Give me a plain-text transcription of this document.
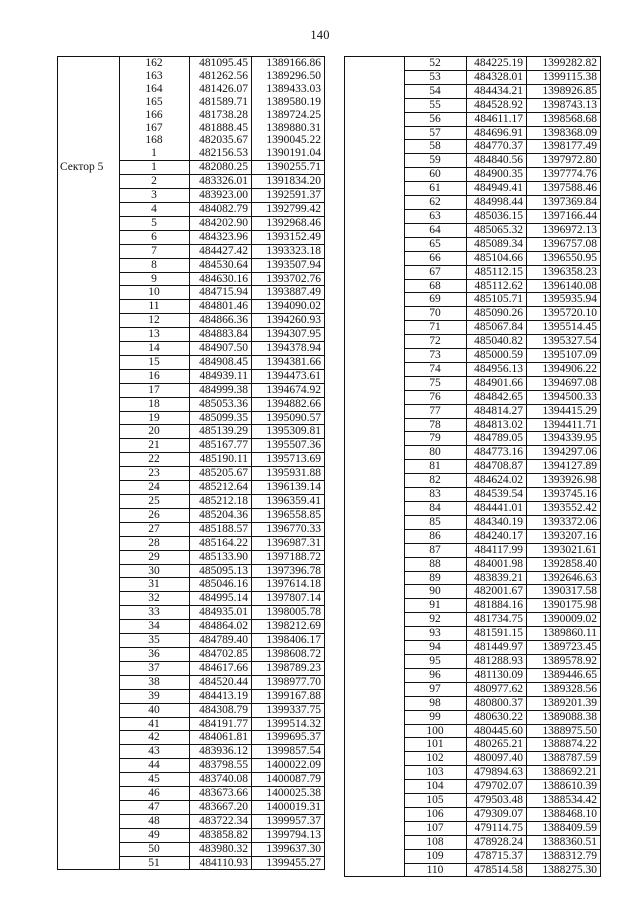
140
	162	481095.45	1389166.86
	163	481262.56	1389296.50
	164	481426.07	1389433.03
	165	481589.71	1389580.19
	166	481738.28	1389724.25
	167	481888.45	1389880.31
	168	482035.67	1390045.22
	1	482156.53	1390191.04
Сектор 5	1	482080.25	1390255.71
	2	483326.01	1391834.20
	3	483923.00	1392591.37
	4	484082.79	1392799.42
	5	484202.90	1392968.46
	6	484323.96	1393152.49
	7	484427.42	1393323.18
	8	484530.64	1393507.94
	9	484630.16	1393702.76
	10	484715.94	1393887.49
	11	484801.46	1394090.02
	12	484866.36	1394260.93
	13	484883.84	1394307.95
	14	484907.50	1394378.94
	15	484908.45	1394381.66
	16	484939.11	1394473.61
	17	484999.38	1394674.92
	18	485053.36	1394882.66
	19	485099.35	1395090.57
	20	485139.29	1395309.81
	21	485167.77	1395507.36
	22	485190.11	1395713.69
	23	485205.67	1395931.88
	24	485212.64	1396139.14
	25	485212.18	1396359.41
	26	485204.36	1396558.85
	27	485188.57	1396770.33
	28	485164.22	1396987.31
	29	485133.90	1397188.72
	30	485095.13	1397396.78
	31	485046.16	1397614.18
	32	484995.14	1397807.14
	33	484935.01	1398005.78
	34	484864.02	1398212.69
	35	484789.40	1398406.17
	36	484702.85	1398608.72
	37	484617.66	1398789.23
	38	484520.44	1398977.70
	39	484413.19	1399167.88
	40	484308.79	1399337.75
	41	484191.77	1399514.32
	42	484061.81	1399695.37
	43	483936.12	1399857.54
	44	483798.55	1400022.09
	45	483740.08	1400087.79
	46	483673.66	1400025.38
	47	483667.20	1400019.31
	48	483722.34	1399957.37
	49	483858.82	1399794.13
	50	483980.32	1399637.30
	51	484110.93	1399455.27
	52	484225.19	1399282.82
	53	484328.01	1399115.38
	54	484434.21	1398926.85
	55	484528.92	1398743.13
	56	484611.17	1398568.68
	57	484696.91	1398368.09
	58	484770.37	1398177.49
	59	484840.56	1397972.80
	60	484900.35	1397774.76
	61	484949.41	1397588.46
	62	484998.44	1397369.84
	63	485036.15	1397166.44
	64	485065.32	1396972.13
	65	485089.34	1396757.08
	66	485104.66	1396550.95
	67	485112.15	1396358.23
	68	485112.62	1396140.08
	69	485105.71	1395935.94
	70	485090.26	1395720.10
	71	485067.84	1395514.45
	72	485040.82	1395327.54
	73	485000.59	1395107.09
	74	484956.13	1394906.22
	75	484901.66	1394697.08
	76	484842.65	1394500.33
	77	484814.27	1394415.29
	78	484813.02	1394411.71
	79	484789.05	1394339.95
	80	484773.16	1394297.06
	81	484708.87	1394127.89
	82	484624.02	1393926.98
	83	484539.54	1393745.16
	84	484441.01	1393552.42
	85	484340.19	1393372.06
	86	484240.17	1393207.16
	87	484117.99	1393021.61
	88	484001.98	1392858.40
	89	483839.21	1392646.63
	90	482001.67	1390317.58
	91	481884.16	1390175.98
	92	481734.75	1390009.02
	93	481591.15	1389860.11
	94	481449.97	1389723.45
	95	481288.93	1389578.92
	96	481130.09	1389446.65
	97	480977.62	1389328.56
	98	480800.37	1389201.39
	99	480630.22	1389088.38
	100	480445.60	1388975.50
	101	480265.21	1388874.22
	102	480097.40	1388787.59
	103	479894.63	1388692.21
	104	479702.07	1388610.39
	105	479503.48	1388534.42
	106	479309.07	1388468.10
	107	479114.75	1388409.59
	108	478928.24	1388360.51
	109	478715.37	1388312.79
	110	478514.58	1388275.30
